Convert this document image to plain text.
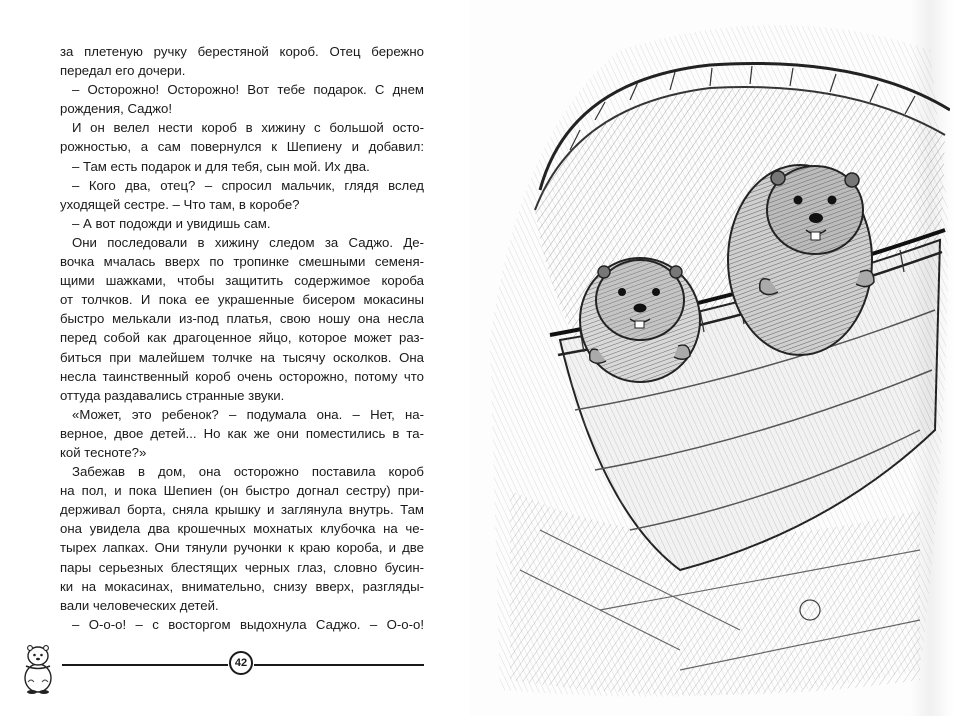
за плетеную ручку берестяной короб. Отец бережно

передал его дочери.

– Осторожно! Осторожно! Вот тебе подарок. С днем

рождения, Саджо!

И он велел нести короб в хижину с большой осто-

рожностью, а сам повернулся к Шепиену и добавил:

– Там есть подарок и для тебя, сын мой. Их два.

– Кого два, отец? – спросил мальчик, глядя вслед

уходящей сестре. – Что там, в коробе?

– А вот подожди и увидишь сам.

Они последовали в хижину следом за Саджо. Де-

вочка мчалась вверх по тропинке смешными семеня-

щими шажками, чтобы защитить содержимое короба

от толчков. И пока ее украшенные бисером мокасины

быстро мелькали из-под платья, свою ношу она несла

перед собой как драгоценное яйцо, которое может раз-

биться при малейшем толчке на тысячу осколков. Она

несла таинственный короб очень осторожно, потому что

оттуда раздавались странные звуки.

«Может, это ребенок? – подумала она. – Нет, на-

верное, двое детей... Но как же они поместились в та-

кой тесноте?»

Забежав в дом, она осторожно поставила короб

на пол, и пока Шепиен (он быстро догнал сестру) при-

держивал борта, сняла крышку и заглянула внутрь. Там

она увидела два крошечных мохнатых клубочка на че-

тырех лапках. Они тянули ручонки к краю короба, и две

пары серьезных блестящих черных глаз, словно бусин-

ки на мокасинах, внимательно, снизу вверх, разгляды-

вали человеческих детей.

– О-о-о! – с восторгом выдохнула Саджо. – О-о-о!

42
